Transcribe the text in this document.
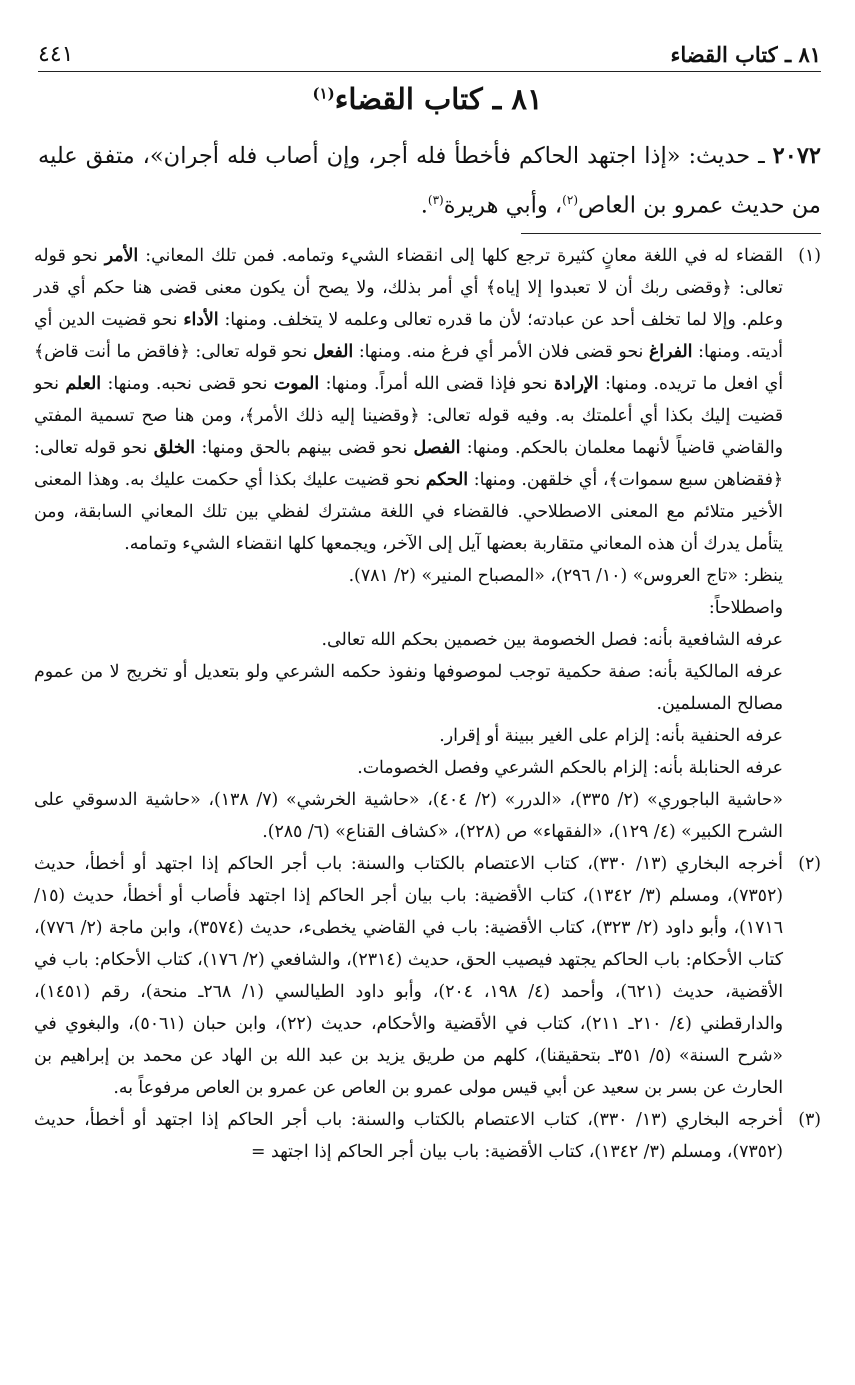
٨١ ـ كتاب القضاء
٤٤١
٨١ ـ كتاب القضاء$^{(١)}$
٢٠٧٢ ـ حديث: «إذا اجتهد الحاكم فأخطأ فله أجر، وإن أصاب فله أجران»، متفق عليه من حديث عمرو بن العاص$^{(٢)}$، وأبي هريرة$^{(٣)}$.
(١)

القضاء له في اللغة معانٍ كثيرة ترجع كلها إلى انقضاء الشيء وتمامه. فمن تلك المعاني: الأمر نحو قوله تعالى: ﴿وقضى ربك أن لا تعبدوا إلا إياه﴾ أي أمر بذلك، ولا يصح أن يكون معنى قضى هنا حكم أي قدر وعلم. وإلا لما تخلف أحد عن عبادته؛ لأن ما قدره تعالى وعلمه لا يتخلف. ومنها: الأداء نحو قضيت الدين أي أديته. ومنها: الفراغ نحو قضى فلان الأمر أي فرغ منه. ومنها: الفعل نحو قوله تعالى: ﴿فاقض ما أنت قاض﴾ أي افعل ما تريده. ومنها: الإرادة نحو فإذا قضى الله أمراً. ومنها: الموت نحو قضى نحبه. ومنها: العلم نحو قضيت إليك بكذا أي أعلمتك به. وفيه قوله تعالى: ﴿وقضينا إليه ذلك الأمر﴾، ومن هنا صح تسمية المفتي والقاضي قاضياً لأنهما معلمان بالحكم. ومنها: الفصل نحو قضى بينهم بالحق ومنها: الخلق نحو قوله تعالى: ﴿فقضاهن سبع سموات﴾، أي خلقهن. ومنها: الحكم نحو قضيت عليك بكذا أي حكمت عليك به. وهذا المعنى الأخير متلائم مع المعنى الاصطلاحي. فالقضاء في اللغة مشترك لفظي بين تلك المعاني السابقة، ومن يتأمل يدرك أن هذه المعاني متقاربة بعضها آيل إلى الآخر، ويجمعها كلها انقضاء الشيء وتمامه.

ينظر: «تاج العروس» (١٠/ ٢٩٦)، «المصباح المنير» (٢/ ٧٨١).

واصطلاحاً:

عرفه الشافعية بأنه: فصل الخصومة بين خصمين بحكم الله تعالى.

عرفه المالكية بأنه: صفة حكمية توجب لموصوفها ونفوذ حكمه الشرعي ولو بتعديل أو تخريج لا من عموم مصالح المسلمين.

عرفه الحنفية بأنه: إلزام على الغير ببينة أو إقرار.

عرفه الحنابلة بأنه: إلزام بالحكم الشرعي وفصل الخصومات.

«حاشية الباجوري» (٢/ ٣٣٥)، «الدرر» (٢/ ٤٠٤)، «حاشية الخرشي» (٧/ ١٣٨)، «حاشية الدسوقي على الشرح الكبير» (٤/ ١٢٩)، «الفقهاء» ص (٢٢٨)، «كشاف القناع» (٦/ ٢٨٥).

(٢)

أخرجه البخاري (١٣/ ٣٣٠)، كتاب الاعتصام بالكتاب والسنة: باب أجر الحاكم إذا اجتهد أو أخطأ، حديث (٧٣٥٢)، ومسلم (٣/ ١٣٤٢)، كتاب الأقضية: باب بيان أجر الحاكم إذا اجتهد فأصاب أو أخطأ، حديث (١٥/ ١٧١٦)، وأبو داود (٢/ ٣٢٣)، كتاب الأقضية: باب في القاضي يخطىء، حديث (٣٥٧٤)، وابن ماجة (٢/ ٧٧٦)، كتاب الأحكام: باب الحاكم يجتهد فيصيب الحق، حديث (٢٣١٤)، والشافعي (٢/ ١٧٦)، كتاب الأحكام: باب في الأقضية، حديث (٦٢١)، وأحمد (٤/ ١٩٨، ٢٠٤)، وأبو داود الطيالسي (١/ ٢٦٨ـ منحة)، رقم (١٤٥١)، والدارقطني (٤/ ٢١٠ـ ٢١١)، كتاب في الأقضية والأحكام، حديث (٢٢)، وابن حبان (٥٠٦١)، والبغوي في «شرح السنة» (٥/ ٣٥١ـ بتحقيقنا)، كلهم من طريق يزيد بن عبد الله بن الهاد عن محمد بن إبراهيم بن الحارث عن بسر بن سعيد عن أبي قيس مولى عمرو بن العاص عن عمرو بن العاص مرفوعاً به.

(٣)

أخرجه البخاري (١٣/ ٣٣٠)، كتاب الاعتصام بالكتاب والسنة: باب أجر الحاكم إذا اجتهد أو أخطأ، حديث (٧٣٥٢)، ومسلم (٣/ ١٣٤٢)، كتاب الأقضية: باب بيان أجر الحاكم إذا اجتهد =
